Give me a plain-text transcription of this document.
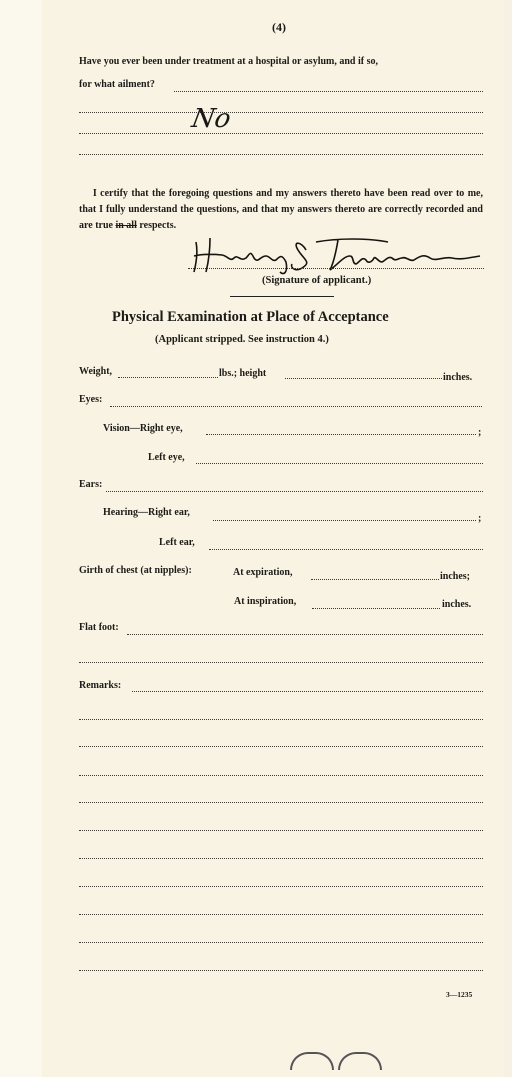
(4)
Have you ever been under treatment at a hospital or asylum, and if so,
for what ailment?
No
I certify that the foregoing questions and my answers thereto have been read over to me, that I fully understand the questions, and that my answers thereto are correctly recorded and are true in all respects.
(Signature of applicant.)
Physical Examination at Place of Acceptance
(Applicant stripped. See instruction 4.)
Weight,	lbs.; height	inches.
Eyes:
Vision—Right eye,	;
Left eye,
Ears:
Hearing—Right ear,
;
Left ear,
Girth of chest (at nipples):	At expiration,	inches;
At inspiration,	inches.
Flat foot:
Remarks:
3—1235
